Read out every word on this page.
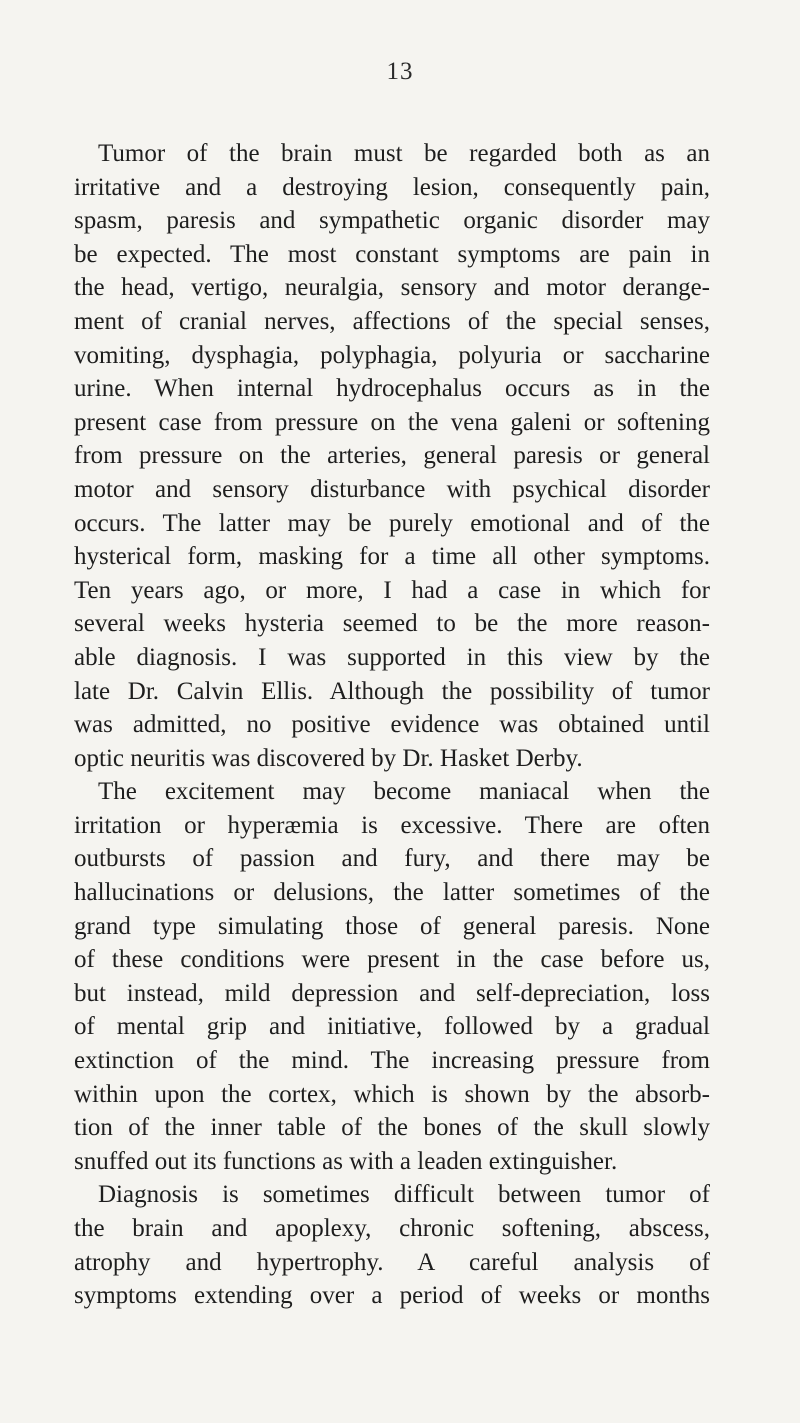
13

Tumor of the brain must be regarded both as an
irritative and a destroying lesion, consequently pain,
spasm, paresis and sympathetic organic disorder may
be expected. The most constant symptoms are pain in
the head, vertigo, neuralgia, sensory and motor derange-
ment of cranial nerves, affections of the special senses,
vomiting, dysphagia, polyphagia, polyuria or saccharine
urine. When internal hydrocephalus occurs as in the
present case from pressure on the vena galeni or softening
from pressure on the arteries, general paresis or general
motor and sensory disturbance with psychical disorder
occurs. The latter may be purely emotional and of the
hysterical form, masking for a time all other symptoms.
Ten years ago, or more, I had a case in which for
several weeks hysteria seemed to be the more reason-
able diagnosis. I was supported in this view by the
late Dr. Calvin Ellis. Although the possibility of tumor
was admitted, no positive evidence was obtained until
optic neuritis was discovered by Dr. Hasket Derby.

The excitement may become maniacal when the
irritation or hyperæmia is excessive. There are often
outbursts of passion and fury, and there may be
hallucinations or delusions, the latter sometimes of the
grand type simulating those of general paresis. None
of these conditions were present in the case before us,
but instead, mild depression and self-depreciation, loss
of mental grip and initiative, followed by a gradual
extinction of the mind. The increasing pressure from
within upon the cortex, which is shown by the absorb-
tion of the inner table of the bones of the skull slowly
snuffed out its functions as with a leaden extinguisher.

Diagnosis is sometimes difficult between tumor of
the brain and apoplexy, chronic softening, abscess,
atrophy and hypertrophy. A careful analysis of
symptoms extending over a period of weeks or months
